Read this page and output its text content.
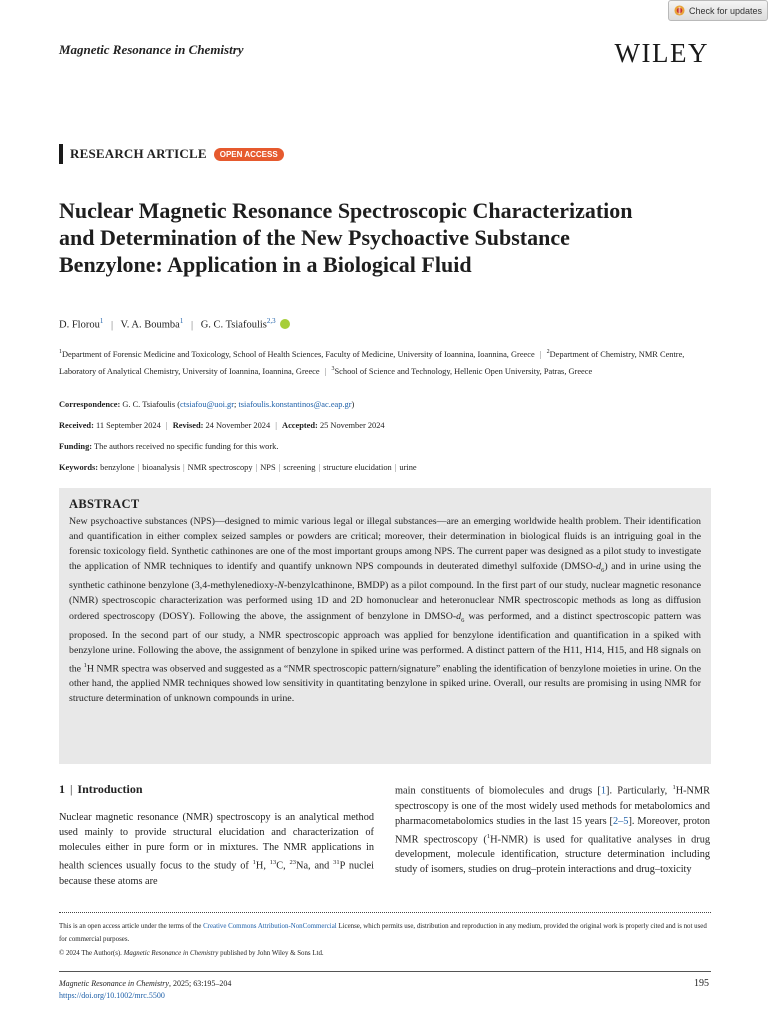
Check for updates
Magnetic Resonance in Chemistry	WILEY
RESEARCH ARTICLE	OPEN ACCESS
Nuclear Magnetic Resonance Spectroscopic Characterization and Determination of the New Psychoactive Substance Benzylone: Application in a Biological Fluid
D. Florou$^1$ | V. A. Boumba$^1$ | G. C. Tsiafoulis$^{2,3}$

$^1$Department of Forensic Medicine and Toxicology, School of Health Sciences, Faculty of Medicine, University of Ioannina, Ioannina, Greece | $^2$Department of Chemistry, NMR Centre, Laboratory of Analytical Chemistry, University of Ioannina, Ioannina, Greece | $^3$School of Science and Technology, Hellenic Open University, Patras, Greece

Correspondence: G. C. Tsiafoulis (ctsiafou@uoi.gr; tsiafoulis.konstantinos@ac.eap.gr)
Received: 11 September 2024 | Revised: 24 November 2024 | Accepted: 25 November 2024
Funding: The authors received no specific funding for this work.
Keywords: benzylone | bioanalysis | NMR spectroscopy | NPS | screening | structure elucidation | urine
ABSTRACT

New psychoactive substances (NPS)—designed to mimic various legal or illegal substances—are an emerging worldwide health problem. Their identification and quantification in either complex seized samples or powders are critical; moreover, their determination in biological fluids is an intriguing goal in the forensic toxicology field. Synthetic cathinones are one of the most important groups among NPS. The current paper was designed as a pilot study to investigate the application of NMR techniques to identify and quantify unknown NPS compounds in deuterated dimethyl sulfoxide $(DMSO-d_6)$ and in urine using the synthetic cathinone benzylone (3,4-methylenedioxy-N-benzylcathinone, BMDP) as a pilot compound. In the first part of our study, nuclear magnetic resonance (NMR) spectroscopic characterization was performed using 1D and 2D homonuclear and heteronuclear NMR spectroscopic methods as long as diffusion ordered spectroscopy (DOSY). Following the above, the assignment of benzylone in DMSO-$d_6$ was performed, and a distinct spectroscopic pattern was proposed. In the second part of our study, a NMR spectroscopic approach was applied for benzylone identification and quantification in a spiked with benzylone urine. Following the above, the assignment of benzylone in spiked urine was performed. A distinct pattern of the H11, H14, H15, and H8 signals on the $^1$H NMR spectra was observed and suggested as a “NMR spectroscopic pattern/signature” enabling the identification of benzylone moieties in urine. On the other hand, the applied NMR techniques showed low sensitivity in quantitating benzylone in spiked urine. Overall, our results are promising in using NMR for structure determination of unknown compounds in urine.

1 | Introduction

Nuclear magnetic resonance (NMR) spectroscopy is an analytical method used mainly to provide structural elucidation and characterization of molecules either in pure form or in mixtures. The NMR applications in health sciences usually focus to the study of $^1$H, $^{13}$C, $^{23}$Na, and $^{31}$P nuclei because these atoms are

main constituents of biomolecules and drugs [1]. Particularly, $^1$H-NMR spectroscopy is one of the most widely used methods for metabolomics and pharmacometabolomics studies in the last 15 years [2–5]. Moreover, proton NMR spectroscopy ($^1$H-NMR) is used for qualitative analyses in drug development, molecule identification, structure determination including study of isomers, studies on drug–protein interactions and drug–toxicity

This is an open access article under the terms of the Creative Commons Attribution-NonCommercial License, which permits use, distribution and reproduction in any medium, provided the original work is properly cited and is not used for commercial purposes.
© 2024 The Author(s). Magnetic Resonance in Chemistry published by John Wiley & Sons Ltd.
Magnetic Resonance in Chemistry, 2025; 63:195–204
https://doi.org/10.1002/mrc.5500
195
